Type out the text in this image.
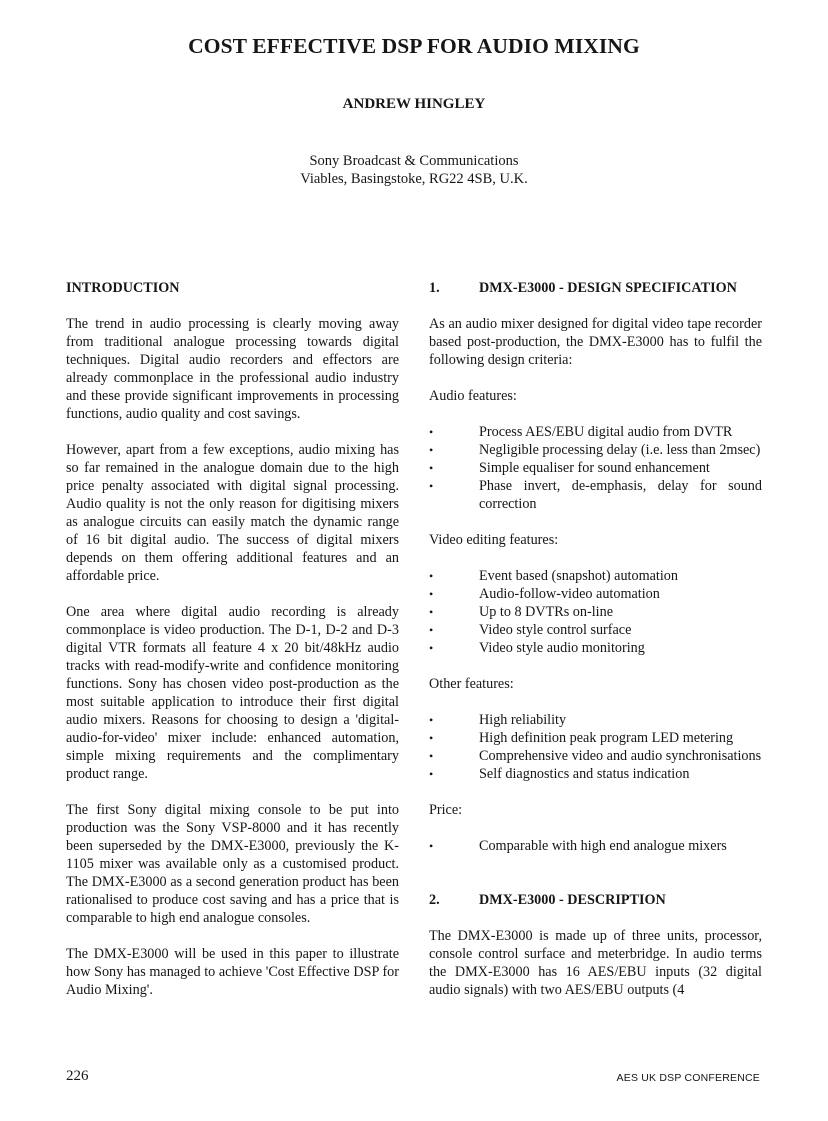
COST EFFECTIVE DSP FOR AUDIO MIXING
ANDREW HINGLEY
Sony Broadcast & Communications
Viables, Basingstoke, RG22 4SB, U.K.
INTRODUCTION

The trend in audio processing is clearly moving away from traditional analogue processing towards digital techniques. Digital audio recorders and effectors are already commonplace in the professional audio industry and these provide significant improvements in processing functions, audio quality and cost savings.

However, apart from a few exceptions, audio mixing has so far remained in the analogue domain due to the high price penalty associated with digital signal processing. Audio quality is not the only reason for digitising mixers as analogue circuits can easily match the dynamic range of 16 bit digital audio. The success of digital mixers depends on them offering additional features and an affordable price.

One area where digital audio recording is already commonplace is video production. The D-1, D-2 and D-3 digital VTR formats all feature 4 x 20 bit/48kHz audio tracks with read-modify-write and confidence monitoring functions. Sony has chosen video post-production as the most suitable application to introduce their first digital audio mixers. Reasons for choosing to design a 'digital-audio-for-video' mixer include: enhanced automation, simple mixing requirements and the complimentary product range.

The first Sony digital mixing console to be put into production was the Sony VSP-8000 and it has recently been superseded by the DMX-E3000, previously the K-1105 mixer was available only as a customised product. The DMX-E3000 as a second generation product has been rationalised to produce cost saving and has a price that is comparable to high end analogue consoles.

The DMX-E3000 will be used in this paper to illustrate how Sony has managed to achieve 'Cost Effective DSP for Audio Mixing'.

1.	DMX-E3000 - DESIGN SPECIFICATION

As an audio mixer designed for digital video tape recorder based post-production, the DMX-E3000 has to fulfil the following design criteria:

Audio features:
•	Process AES/EBU digital audio from DVTR
•	Negligible processing delay (i.e. less than 2msec)
•	Simple equaliser for sound enhancement
•	Phase invert, de-emphasis, delay for sound correction
Video editing features:
•	Event based (snapshot) automation
•	Audio-follow-video automation
•	Up to 8 DVTRs on-line
•	Video style control surface
•	Video style audio monitoring
Other features:
•	High reliability
•	High definition peak program LED metering
•	Comprehensive video and audio synchronisations
•	Self diagnostics and status indication
Price:
•	Comparable with high end analogue mixers
2.	DMX-E3000 - DESCRIPTION

The DMX-E3000 is made up of three units, processor, console control surface and meterbridge. In audio terms the DMX-E3000 has 16 AES/EBU inputs (32 digital audio signals) with two AES/EBU outputs (4

226	AES UK DSP CONFERENCE
